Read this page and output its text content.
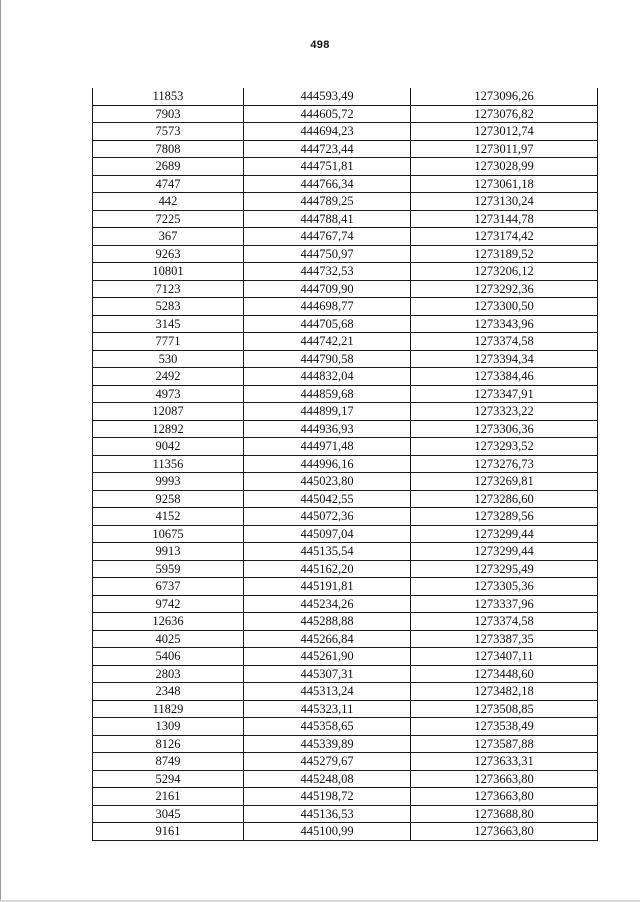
498
11853	444593,49	1273096,26
7903	444605,72	1273076,82
7573	444694,23	1273012,74
7808	444723,44	1273011,97
2689	444751,81	1273028,99
4747	444766,34	1273061,18
442	444789,25	1273130,24
7225	444788,41	1273144,78
367	444767,74	1273174,42
9263	444750,97	1273189,52
10801	444732,53	1273206,12
7123	444709,90	1273292,36
5283	444698,77	1273300,50
3145	444705,68	1273343,96
7771	444742,21	1273374,58
530	444790,58	1273394,34
2492	444832,04	1273384,46
4973	444859,68	1273347,91
12087	444899,17	1273323,22
12892	444936,93	1273306,36
9042	444971,48	1273293,52
11356	444996,16	1273276,73
9993	445023,80	1273269,81
9258	445042,55	1273286,60
4152	445072,36	1273289,56
10675	445097,04	1273299,44
9913	445135,54	1273299,44
5959	445162,20	1273295,49
6737	445191,81	1273305,36
9742	445234,26	1273337,96
12636	445288,88	1273374,58
4025	445266,84	1273387,35
5406	445261,90	1273407,11
2803	445307,31	1273448,60
2348	445313,24	1273482,18
11829	445323,11	1273508,85
1309	445358,65	1273538,49
8126	445339,89	1273587,88
8749	445279,67	1273633,31
5294	445248,08	1273663,80
2161	445198,72	1273663,80
3045	445136,53	1273688,80
9161	445100,99	1273663,80
